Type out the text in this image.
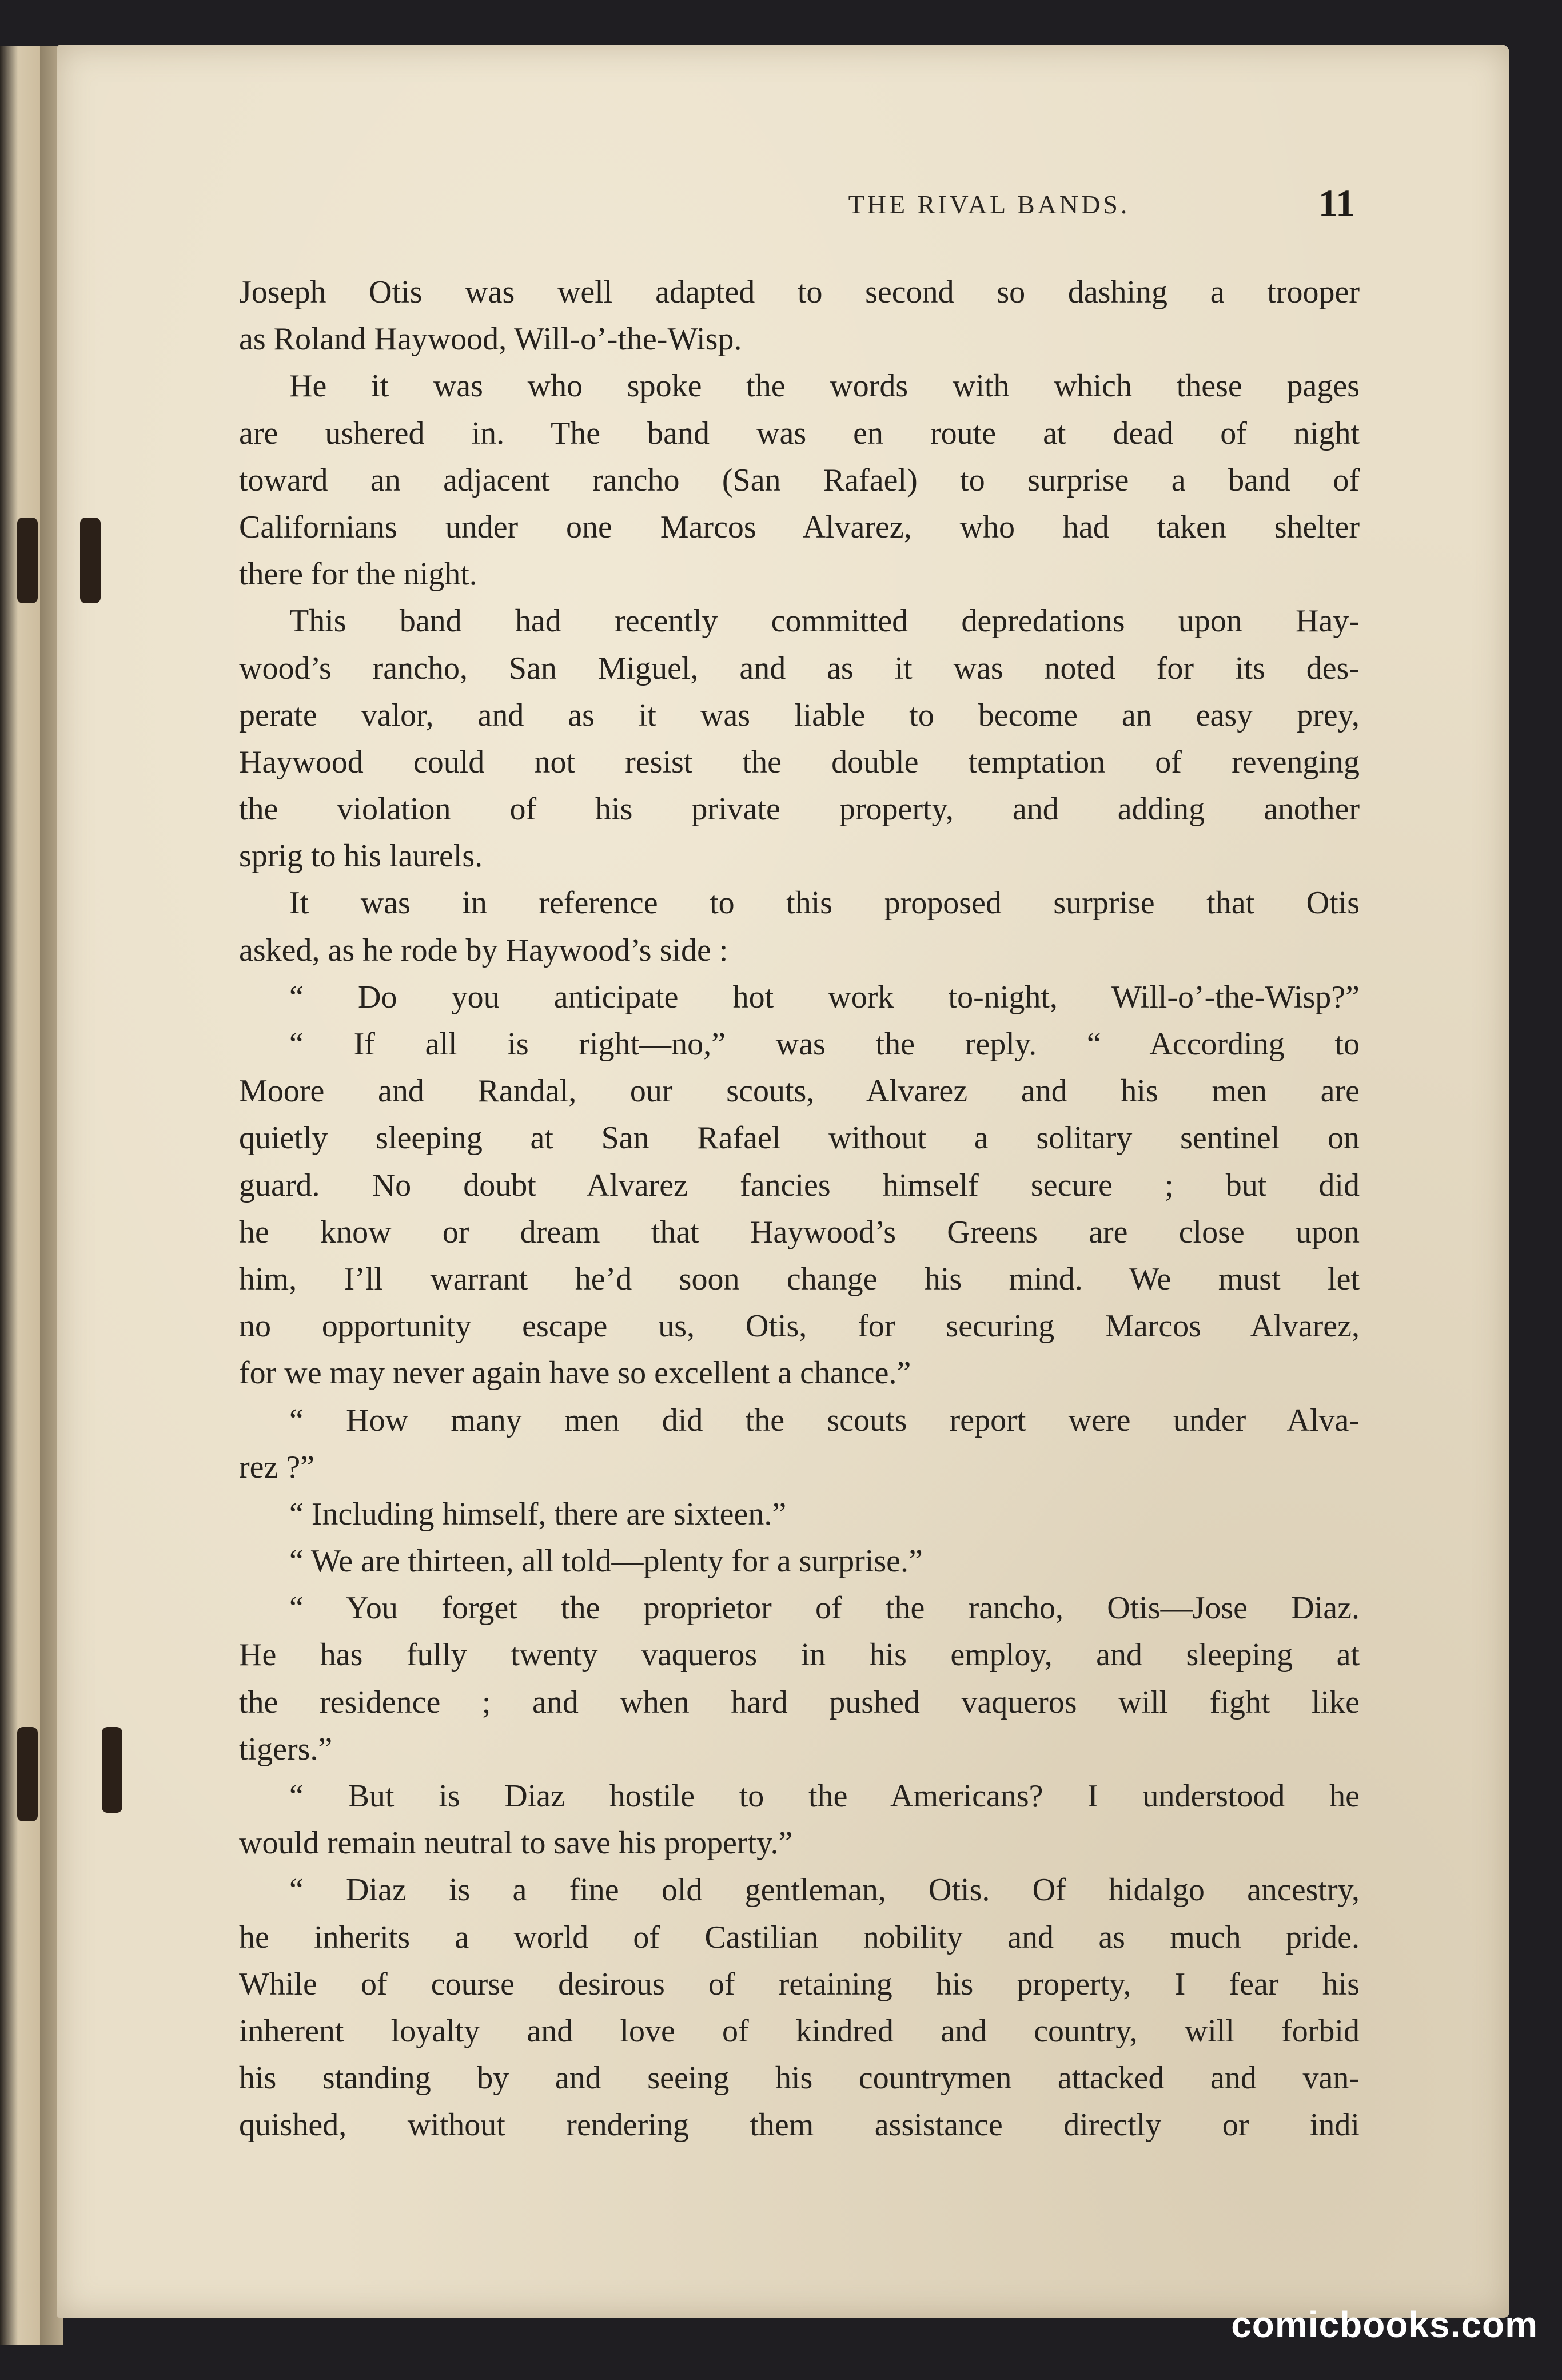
THE RIVAL BANDS.	11
Joseph Otis was well adapted to second so dashing a trooper
as Roland Haywood, Will-o’-the-Wisp.
He it was who spoke the words with which these pages
are ushered in. The band was en route at dead of night
toward an adjacent rancho (San Rafael) to surprise a band of
Californians under one Marcos Alvarez, who had taken shelter
there for the night.
This band had recently committed depredations upon Hay-
wood’s rancho, San Miguel, and as it was noted for its des-
perate valor, and as it was liable to become an easy prey,
Haywood could not resist the double temptation of revenging
the violation of his private property, and adding another
sprig to his laurels.
It was in reference to this proposed surprise that Otis
asked, as he rode by Haywood’s side :
“ Do you anticipate hot work to-night, Will-o’-the-Wisp?”
“ If all is right—no,” was the reply. “ According to
Moore and Randal, our scouts, Alvarez and his men are
quietly sleeping at San Rafael without a solitary sentinel on
guard. No doubt Alvarez fancies himself secure ; but did
he know or dream that Haywood’s Greens are close upon
him, I’ll warrant he’d soon change his mind. We must let
no opportunity escape us, Otis, for securing Marcos Alvarez,
for we may never again have so excellent a chance.”
“ How many men did the scouts report were under Alva-
rez ?”
“ Including himself, there are sixteen.”
“ We are thirteen, all told—plenty for a surprise.”
“ You forget the proprietor of the rancho, Otis—Jose Diaz.
He has fully twenty vaqueros in his employ, and sleeping at
the residence ; and when hard pushed vaqueros will fight like
tigers.”
“ But is Diaz hostile to the Americans? I understood he
would remain neutral to save his property.”
“ Diaz is a fine old gentleman, Otis. Of hidalgo ancestry,
he inherits a world of Castilian nobility and as much pride.
While of course desirous of retaining his property, I fear his
inherent loyalty and love of kindred and country, will forbid
his standing by and seeing his countrymen attacked and van-
quished, without rendering them assistance directly or indi
comicbooks.com
